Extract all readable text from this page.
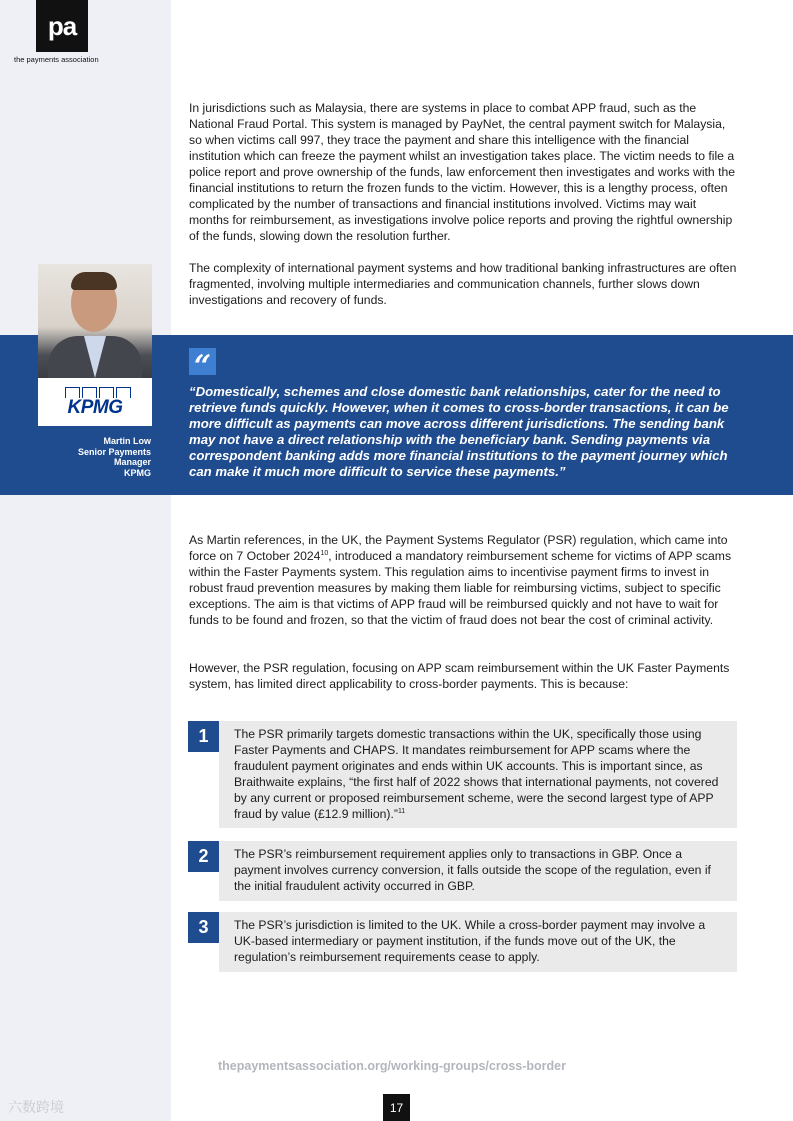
pa
the payments association

In jurisdictions such as Malaysia, there are systems in place to combat APP fraud, such as the National Fraud Portal. This system is managed by PayNet, the central payment switch for Malaysia, so when victims call 997, they trace the payment and share this intelligence with the financial institution which can freeze the payment whilst an investigation takes place. The victim needs to file a police report and prove ownership of the funds, law enforcement then investigates and works with the financial institutions to return the frozen funds to the victim. However, this is a lengthy process, often complicated by the number of transactions and financial institutions involved. Victims may wait months for reimbursement, as investigations involve police reports and proving the rightful ownership of the funds, slowing down the resolution further.

The complexity of international payment systems and how traditional banking infrastructures are often fragmented, involving multiple intermediaries and communication channels, further slows down investigations and recovery of funds.

KPMG
Martin Low
Senior Payments
Manager
KPMG
“

“Domestically, schemes and close domestic bank relationships, cater for the need to retrieve funds quickly. However, when it comes to cross-border transactions, it can be more difficult as payments can move across different jurisdictions. The sending bank may not have a direct relationship with the beneficiary bank. Sending payments via correspondent banking adds more financial institutions to the payment journey which can make it much more difficult to service these payments.”

As Martin references, in the UK, the Payment Systems Regulator (PSR) regulation, which came into force on 7 October 2024$^{10}$, introduced a mandatory reimbursement scheme for victims of APP scams within the Faster Payments system. This regulation aims to incentivise payment firms to invest in robust fraud prevention measures by making them liable for reimbursing victims, subject to specific exceptions. The aim is that victims of APP fraud will be reimbursed quickly and not have to wait for funds to be found and frozen, so that the victim of fraud does not bear the cost of criminal activity.

However, the PSR regulation, focusing on APP scam reimbursement within the UK Faster Payments system, has limited direct applicability to cross-border payments. This is because:

The PSR primarily targets domestic transactions within the UK, specifically those using Faster Payments and CHAPS. It mandates reimbursement for APP scams where the fraudulent payment originates and ends within UK accounts. This is important since, as Braithwaite explains, “the first half of 2022 shows that international payments, not covered by any current or proposed reimbursement scheme, were the second largest type of APP fraud by value (£12.9 million).”$^{11}$

1

The PSR’s reimbursement requirement applies only to transactions in GBP. Once a payment involves currency conversion, it falls outside the scope of the regulation, even if the initial fraudulent activity occurred in GBP.

2

The PSR’s jurisdiction is limited to the UK. While a cross-border payment may involve a UK-based intermediary or payment institution, if the funds move out of the UK, the regulation’s reimbursement requirements cease to apply.

3
thepaymentsassociation.org/working-groups/cross-border
17
六数跨境
